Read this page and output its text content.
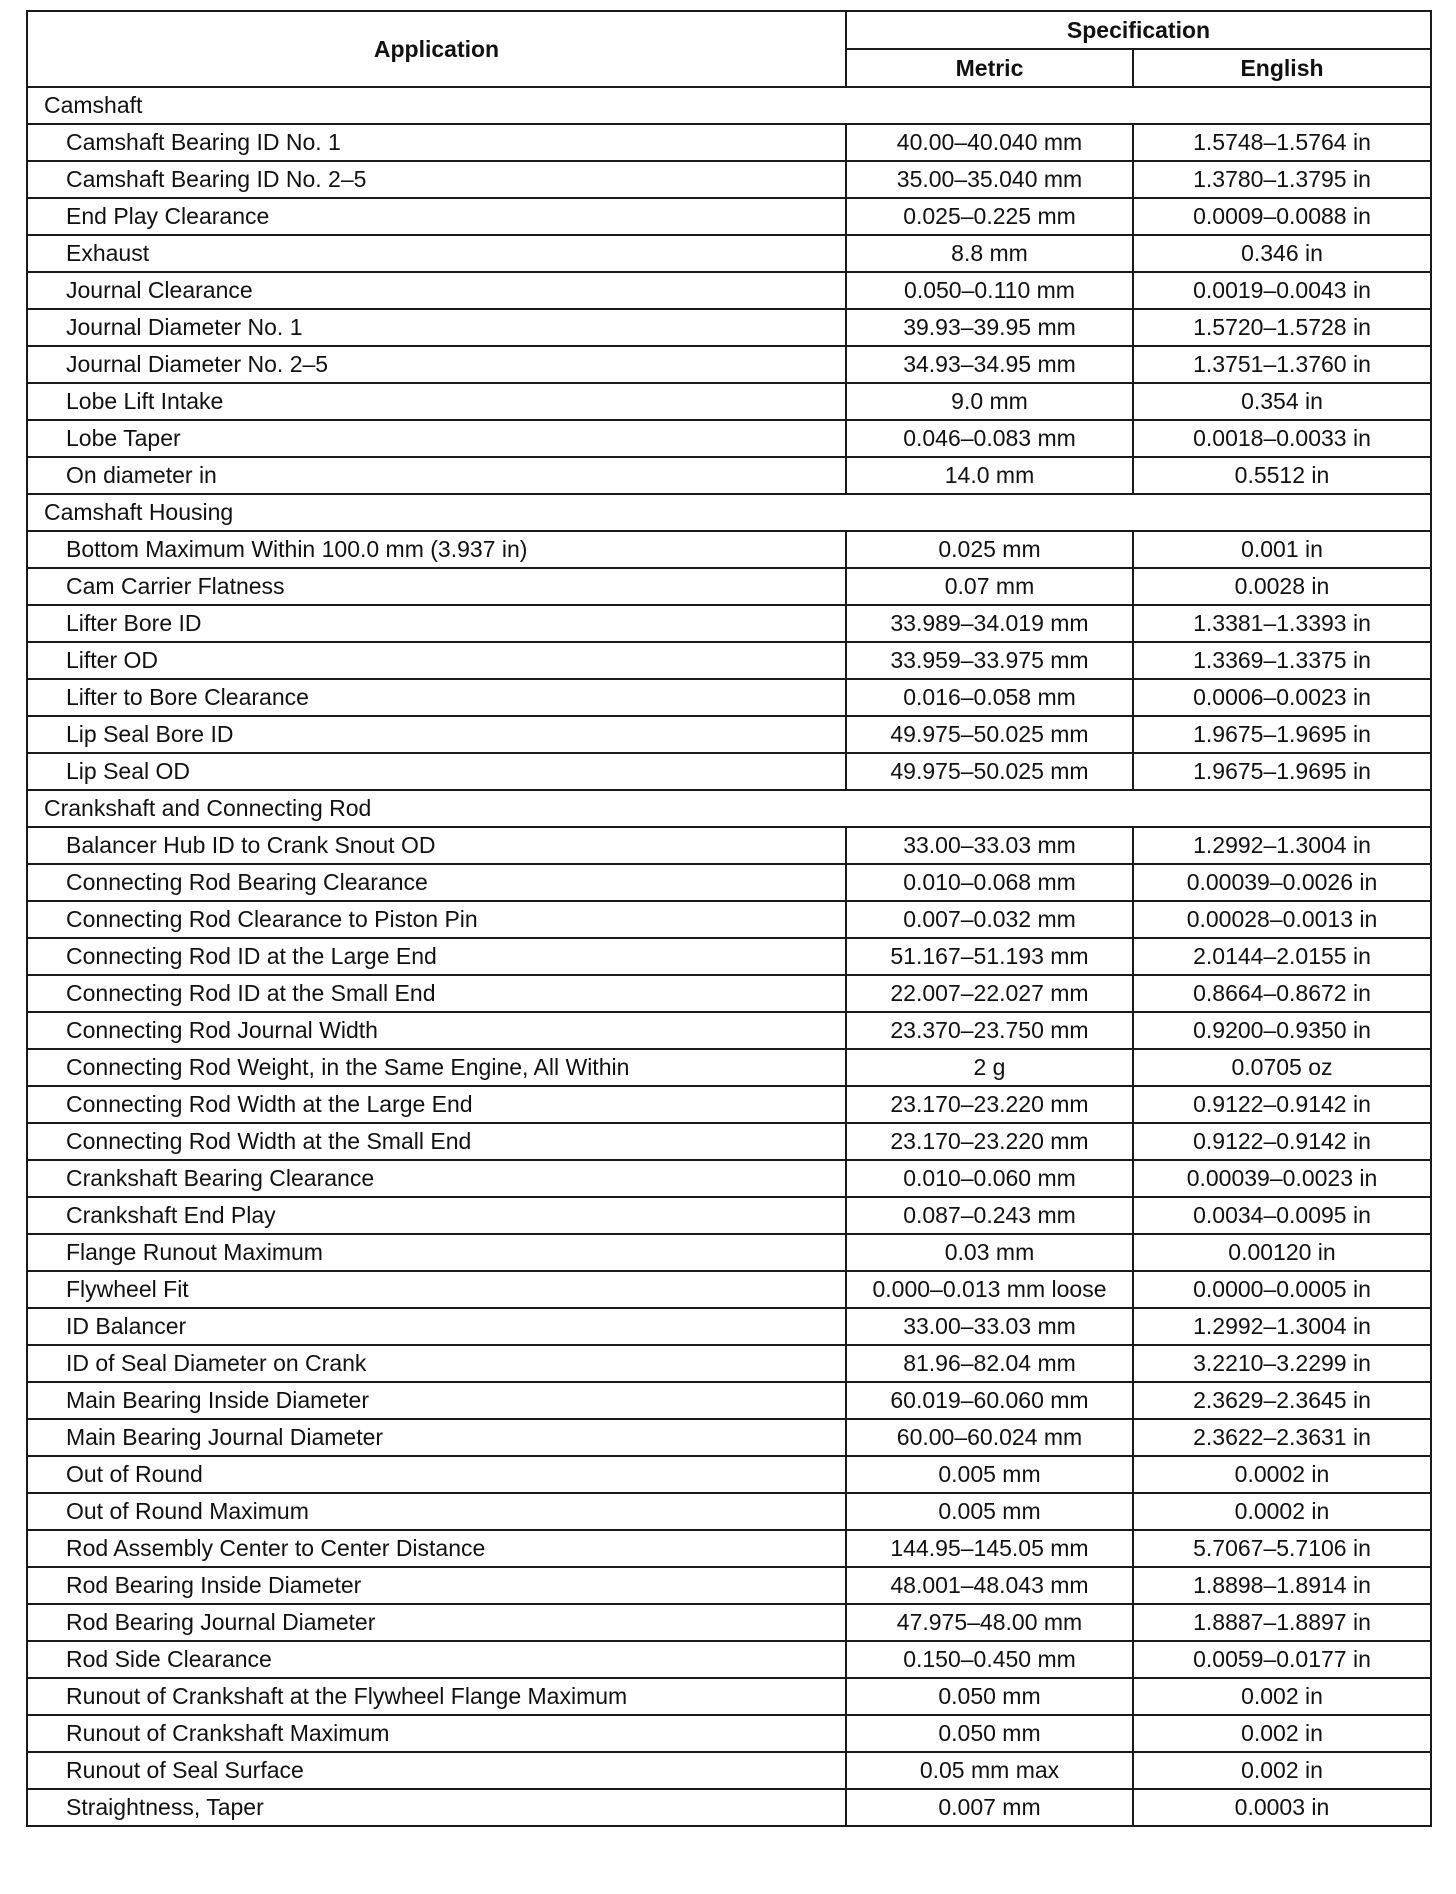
Application	Specification	
	Metric	English
Camshaft		
Camshaft Bearing ID No. 1	40.00–40.040 mm	1.5748–1.5764 in
Camshaft Bearing ID No. 2–5	35.00–35.040 mm	1.3780–1.3795 in
End Play Clearance	0.025–0.225 mm	0.0009–0.0088 in
Exhaust	8.8 mm	0.346 in
Journal Clearance	0.050–0.110 mm	0.0019–0.0043 in
Journal Diameter No. 1	39.93–39.95 mm	1.5720–1.5728 in
Journal Diameter No. 2–5	34.93–34.95 mm	1.3751–1.3760 in
Lobe Lift Intake	9.0 mm	0.354 in
Lobe Taper	0.046–0.083 mm	0.0018–0.0033 in
On diameter in	14.0 mm	0.5512 in
Camshaft Housing		
Bottom Maximum Within 100.0 mm (3.937 in)	0.025 mm	0.001 in
Cam Carrier Flatness	0.07 mm	0.0028 in
Lifter Bore ID	33.989–34.019 mm	1.3381–1.3393 in
Lifter OD	33.959–33.975 mm	1.3369–1.3375 in
Lifter to Bore Clearance	0.016–0.058 mm	0.0006–0.0023 in
Lip Seal Bore ID	49.975–50.025 mm	1.9675–1.9695 in
Lip Seal OD	49.975–50.025 mm	1.9675–1.9695 in
Crankshaft and Connecting Rod		
Balancer Hub ID to Crank Snout OD	33.00–33.03 mm	1.2992–1.3004 in
Connecting Rod Bearing Clearance	0.010–0.068 mm	0.00039–0.0026 in
Connecting Rod Clearance to Piston Pin	0.007–0.032 mm	0.00028–0.0013 in
Connecting Rod ID at the Large End	51.167–51.193 mm	2.0144–2.0155 in
Connecting Rod ID at the Small End	22.007–22.027 mm	0.8664–0.8672 in
Connecting Rod Journal Width	23.370–23.750 mm	0.9200–0.9350 in
Connecting Rod Weight, in the Same Engine, All Within	2 g	0.0705 oz
Connecting Rod Width at the Large End	23.170–23.220 mm	0.9122–0.9142 in
Connecting Rod Width at the Small End	23.170–23.220 mm	0.9122–0.9142 in
Crankshaft Bearing Clearance	0.010–0.060 mm	0.00039–0.0023 in
Crankshaft End Play	0.087–0.243 mm	0.0034–0.0095 in
Flange Runout Maximum	0.03 mm	0.00120 in
Flywheel Fit	0.000–0.013 mm loose	0.0000–0.0005 in
ID Balancer	33.00–33.03 mm	1.2992–1.3004 in
ID of Seal Diameter on Crank	81.96–82.04 mm	3.2210–3.2299 in
Main Bearing Inside Diameter	60.019–60.060 mm	2.3629–2.3645 in
Main Bearing Journal Diameter	60.00–60.024 mm	2.3622–2.3631 in
Out of Round	0.005 mm	0.0002 in
Out of Round Maximum	0.005 mm	0.0002 in
Rod Assembly Center to Center Distance	144.95–145.05 mm	5.7067–5.7106 in
Rod Bearing Inside Diameter	48.001–48.043 mm	1.8898–1.8914 in
Rod Bearing Journal Diameter	47.975–48.00 mm	1.8887–1.8897 in
Rod Side Clearance	0.150–0.450 mm	0.0059–0.0177 in
Runout of Crankshaft at the Flywheel Flange Maximum	0.050 mm	0.002 in
Runout of Crankshaft Maximum	0.050 mm	0.002 in
Runout of Seal Surface	0.05 mm max	0.002 in
Straightness, Taper	0.007 mm	0.0003 in
